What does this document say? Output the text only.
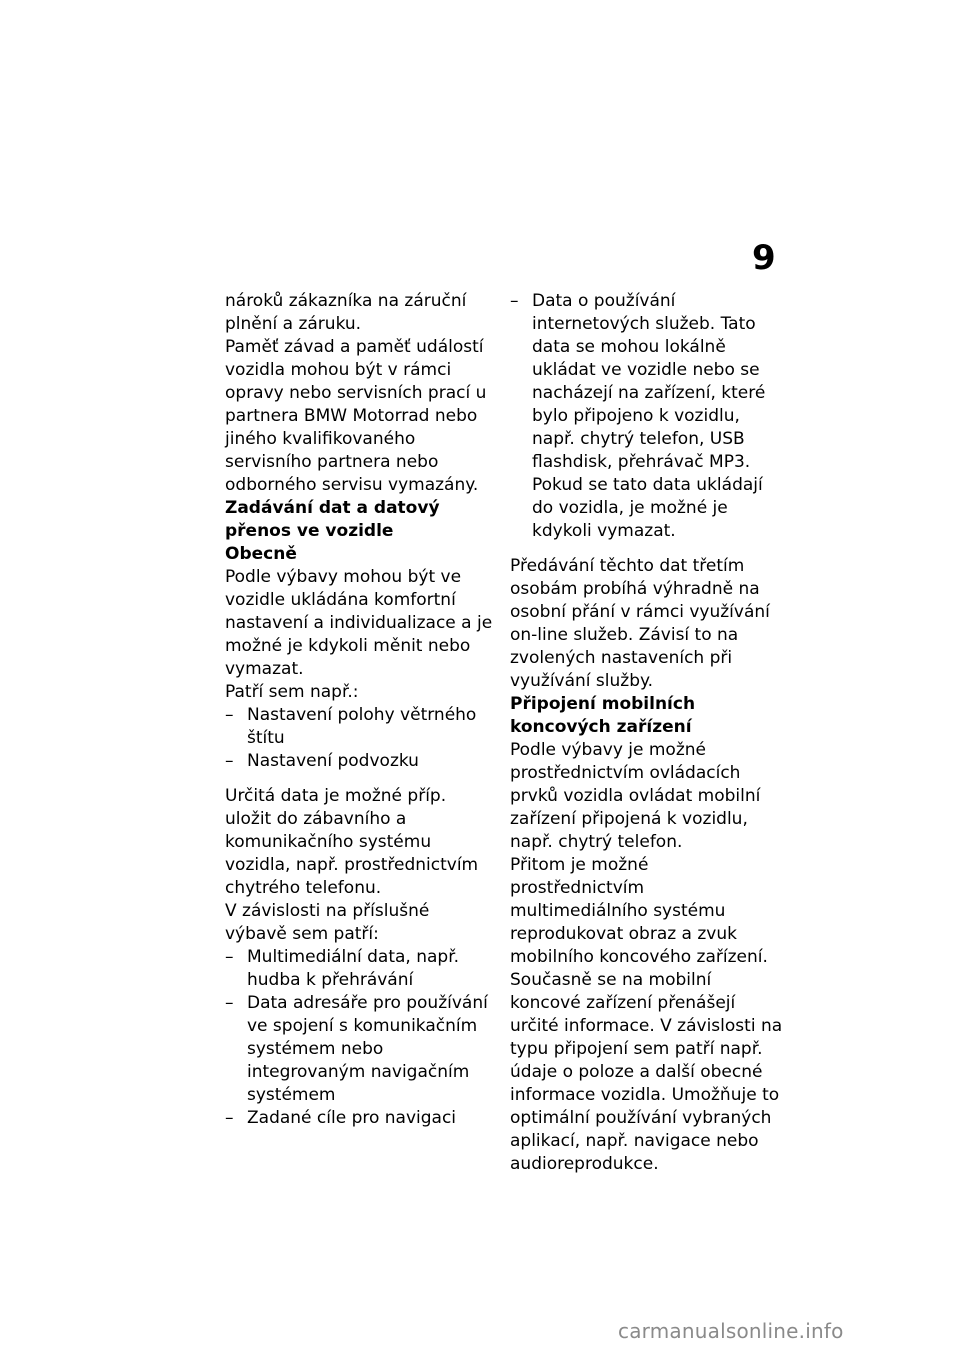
9

nároků zákazníka na záruční plnění a záruku.

Paměť závad a paměť událostí vozidla mohou být v rámci opravy nebo servisních prací u partnera BMW Motorrad nebo jiného kvalifikovaného servisního partnera nebo odborného servisu vymazány.

Zadávání dat a datový přenos ve vozidle

Obecně

Podle výbavy mohou být ve vozidle ukládána komfortní nastavení a individualizace a je možné je kdykoli měnit nebo vymazat.

Patří sem např.:

– Nastavení polohy větrného štítu
– Nastavení podvozku

Určitá data je možné příp. uložit do zábavního a komunikačního systému vozidla, např. prostřednictvím chytrého telefonu.

V závislosti na příslušné výbavě sem patří:

– Multimediální data, např. hudba k přehrávání
– Data adresáře pro používání ve spojení s komunikačním systémem nebo integrovaným navigačním systémem
– Zadané cíle pro navigaci
– Data o používání internetových služeb. Tato data se mohou lokálně ukládat ve vozidle nebo se nacházejí na zařízení, které bylo připojeno k vozidlu, např. chytrý telefon, USB flashdisk, přehrávač MP3. Pokud se tato data ukládají do vozidla, je možné je kdykoli vymazat.

Předávání těchto dat třetím osobám probíhá výhradně na osobní přání v rámci využívání on-line služeb. Závisí to na zvolených nastaveních při využívání služby.

Připojení mobilních koncových zařízení

Podle výbavy je možné prostřednictvím ovládacích prvků vozidla ovládat mobilní zařízení připojená k vozidlu, např. chytrý telefon.

Přitom je možné prostřednictvím multimediálního systému reprodukovat obraz a zvuk mobilního koncového zařízení. Současně se na mobilní koncové zařízení přenášejí určité informace. V závislosti na typu připojení sem patří např. údaje o poloze a další obecné informace vozidla. Umožňuje to optimální používání vybraných aplikací, např. navigace nebo audioreprodukce.

carmanualsonline.info
